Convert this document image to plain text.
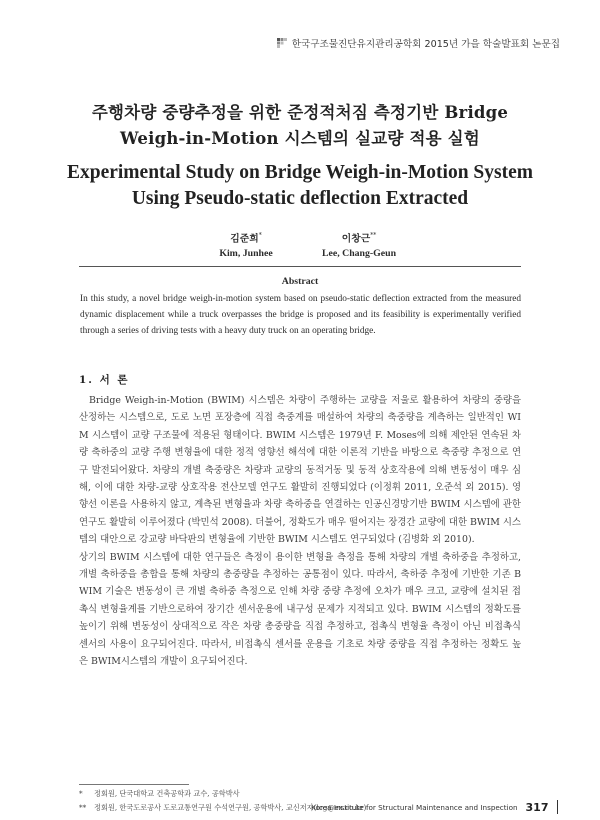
한국구조물진단유지관리공학회 2015년 가을 학술발표회 논문집
주행차량 중량추정을 위한 준정적처짐 측정기반 Bridge
Weigh-in-Motion 시스템의 실교량 적용 실험
Experimental Study on Bridge Weigh-in-Motion System
Using Pseudo-static deflection Extracted
김준희*
Kim, Junhee
이창근**
Lee, Chang-Geun
Abstract
In this study, a novel bridge weigh-in-motion system based on pseudo-static deflection extracted from the measured dynamic displacement while a truck overpasses the bridge is proposed and its feasibility is experimentally verified through a series of driving tests with a heavy duty truck on an operating bridge.
1. 서 론

Bridge Weigh-in-Motion (BWIM) 시스템은 차량이 주행하는 교량을 저울로 활용하여 차량의 중량을 산정하는 시스템으로, 도로 노면 포장층에 직접 축중계를 매설하여 차량의 축중량을 계측하는 일반적인 WIM 시스템이 교량 구조물에 적용된 형태이다. BWIM 시스템은 1979년 F. Moses에 의해 제안된 연속된 차량 축하중의 교량 주행 변형율에 대한 정적 영향선 해석에 대한 이론적 기반을 바탕으로 축중량 추정으로 연구 발전되어왔다. 차량의 개별 축중량은 차량과 교량의 동적거동 및 동적 상호작용에 의해 변동성이 매우 심해, 이에 대한 차량-교량 상호작용 전산모델 연구도 활발히 진행되었다 (이정휘 2011, 오준석 외 2015). 영향선 이론을 사용하지 않고, 계측된 변형율과 차량 축하중을 연결하는 인공신경망기반 BWIM 시스템에 관한 연구도 활발히 이루어졌다 (박민석 2008). 더불어, 정확도가 매우 떨어지는 장경간 교량에 대한 BWIM 시스템의 대안으로 강교량 바닥판의 변형율에 기반한 BWIM 시스템도 연구되었다 (김병화 외 2010).

상기의 BWIM 시스템에 대한 연구들은 측정이 용이한 변형율 측정을 통해 차량의 개별 축하중을 추정하고, 개별 축하중을 총합을 통해 차량의 총중량을 추정하는 공통점이 있다. 따라서, 축하중 추정에 기반한 기존 BWIM 기술은 변동성이 큰 개별 축하중 측정으로 인해 차량 중량 추정에 오차가 매우 크고, 교량에 설치된 접촉식 변형율계를 기반으로하여 장기간 센서운용에 내구성 문제가 지적되고 있다. BWIM 시스템의 정확도를 높이기 위해 변동성이 상대적으로 작은 차량 총중량을 직접 추정하고, 접촉식 변형율 측정이 아닌 비접촉식 센서의 사용이 요구되어진다. 따라서, 비접촉식 센서를 운용을 기초로 차량 중량을 직접 추정하는 정확도 높은 BWIM시스템의 개발이 요구되어진다.

*	정회원, 단국대학교 건축공학과 교수, 공학박사
**	정회원, 한국도로공사 도로교통연구원 수석연구원, 공학박사, 교신저자(lcg@ex.co.kr)
Korea Institute for Structural Maintenance and Inspection 317
